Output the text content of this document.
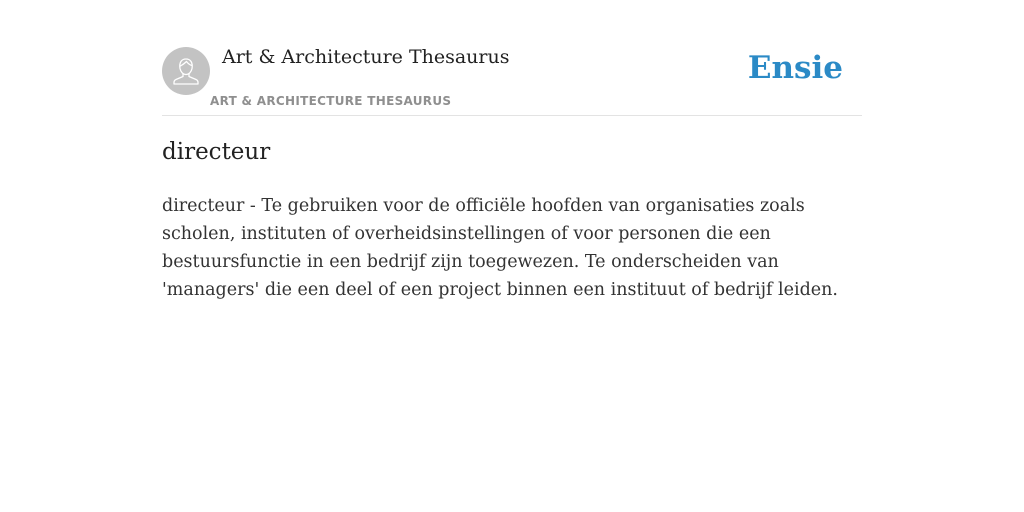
Art & Architecture Thesaurus
ART & ARCHITECTURE THESAURUS
Ensie
directeur

directeur - Te gebruiken voor de officiële hoofden van organisaties zoals scholen, instituten of overheidsinstellingen of voor personen die een bestuursfunctie in een bedrijf zijn toegewezen. Te onderscheiden van 'managers' die een deel of een project binnen een instituut of bedrijf leiden.
